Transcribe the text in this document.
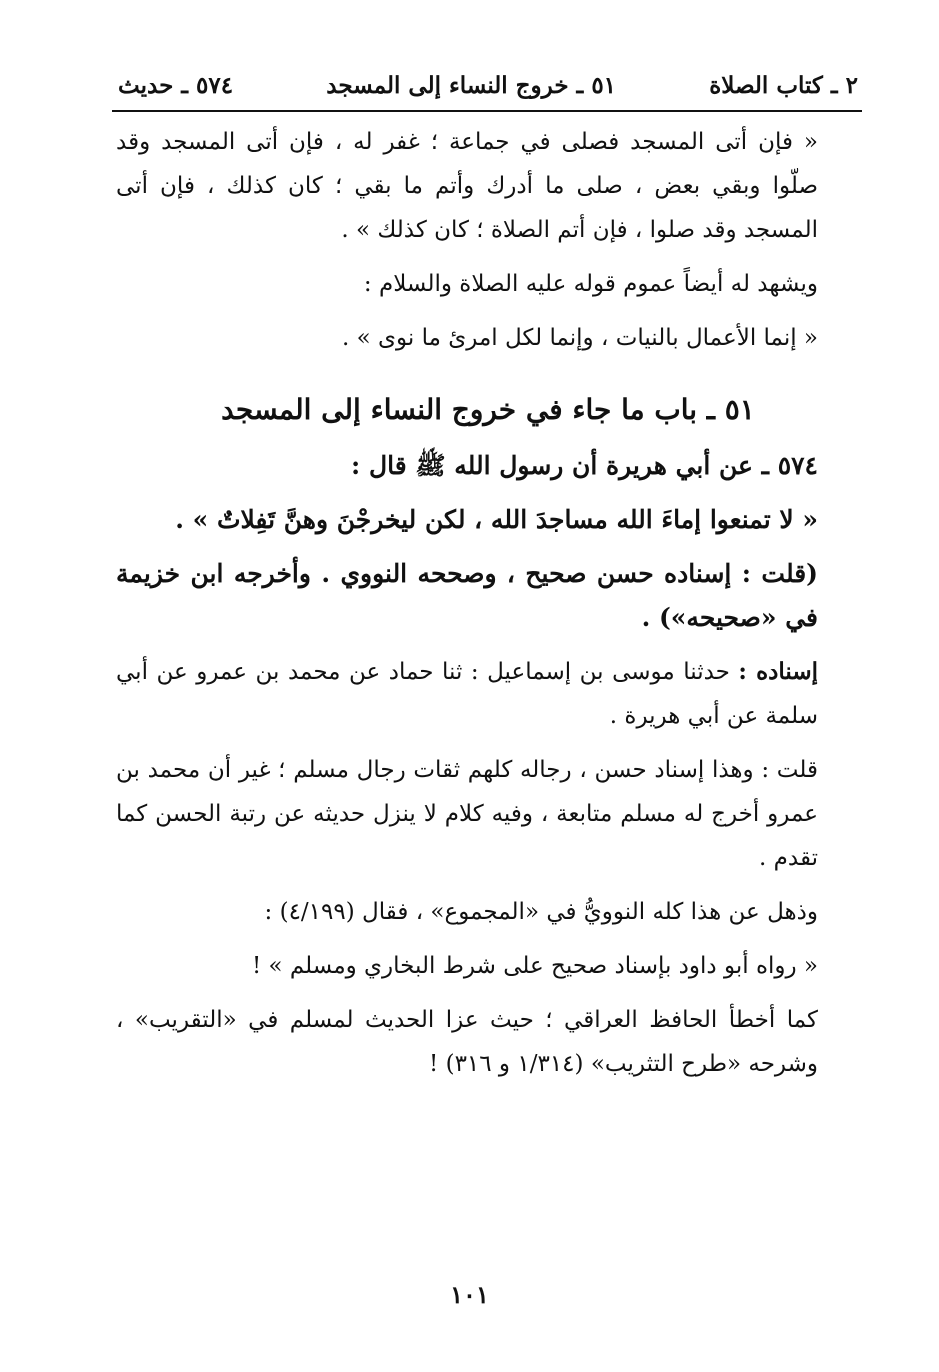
٢ ـ كتاب الصلاة
٥١ ـ خروج النساء إلى المسجد
٥٧٤ ـ حديث

« فإن أتى المسجد فصلى في جماعة ؛ غفر له ، فإن أتى المسجد وقد صلّوا وبقي بعض ، صلى ما أدرك وأتم ما بقي ؛ كان كذلك ، فإن أتى المسجد وقد صلوا ، فإن أتم الصلاة ؛ كان كذلك » .

ويشهد له أيضاً عموم قوله عليه الصلاة والسلام :

« إنما الأعمال بالنيات ، وإنما لكل امرئ ما نوى » .

٥١ ـ باب ما جاء في خروج النساء إلى المسجد

٥٧٤ ـ عن أبي هريرة أن رسول الله ﷺ قال :

« لا تمنعوا إماءَ الله مساجدَ الله ، لكن ليخرجْنَ وهنَّ تَفِلاتٌ » .

(قلت : إسناده حسن صحيح ، وصححه النووي . وأخرجه ابن خزيمة في «صحيحه») .

إسناده : حدثنا موسى بن إسماعيل : ثنا حماد عن محمد بن عمرو عن أبي سلمة عن أبي هريرة .

قلت : وهذا إسناد حسن ، رجاله كلهم ثقات رجال مسلم ؛ غير أن محمد بن عمرو أخرج له مسلم متابعة ، وفيه كلام لا ينزل حديثه عن رتبة الحسن كما تقدم .

وذهل عن هذا كله النوويُّ في «المجموع» ، فقال (٤/١٩٩) :

« رواه أبو داود بإسناد صحيح على شرط البخاري ومسلم » !

كما أخطأ الحافظ العراقي ؛ حيث عزا الحديث لمسلم في «التقريب» ، وشرحه «طرح التثريب» (١/٣١٤ و ٣١٦) !

١٠١
